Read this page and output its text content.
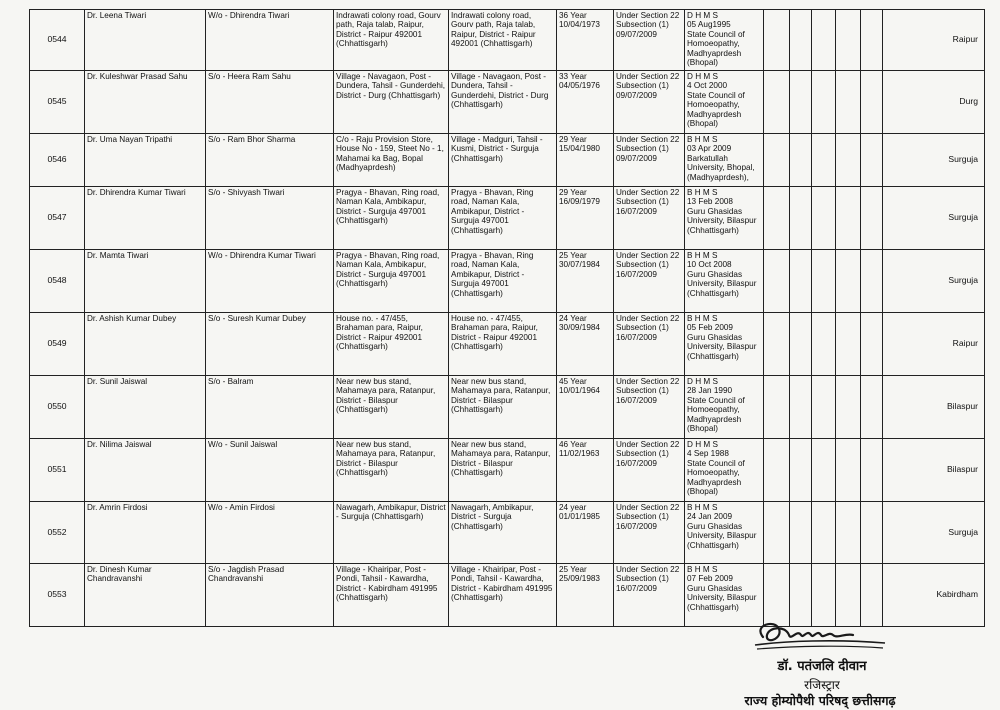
0544	Dr. Leena Tiwari	W/o - Dhirendra Tiwari	Indrawati colony road, Gourv path, Raja talab, Raipur, District - Raipur 492001 (Chhattisgarh)	Indrawati colony road, Gourv path, Raja talab, Raipur, District - Raipur 492001 (Chhattisgarh)	36 Year
10/04/1973	Under Section 22 Subsection (1) 09/07/2009	D H M S
05 Aug1995
State Council of Homoeopathy, Madhyaprdesh (Bhopal)						Raipur
0545	Dr. Kuleshwar Prasad Sahu	S/o - Heera Ram Sahu	Village - Navagaon, Post - Dundera, Tahsil - Gunderdehi, District - Durg (Chhattisgarh)	Village - Navagaon, Post - Dundera, Tahsil - Gunderdehi, District - Durg (Chhattisgarh)	33 Year
04/05/1976	Under Section 22 Subsection (1) 09/07/2009	D H M S
4 Oct 2000
State Council of Homoeopathy, Madhyaprdesh (Bhopal)						Durg
0546	Dr. Uma Nayan Tripathi	S/o - Ram Bhor Sharma	C/o - Raju Provision Store, House No - 159, Steet No - 1, Mahamai ka Bag, Bopal (Madhyaprdesh)	Village - Madguri, Tahsil - Kusmi, District - Surguja (Chhattisgarh)	29 Year
15/04/1980	Under Section 22 Subsection (1) 09/07/2009	B H M S
03 Apr 2009
Barkatullah University, Bhopal, (Madhyaprdesh),						Surguja
0547	Dr. Dhirendra Kumar Tiwari	S/o - Shivyash Tiwari	Pragya - Bhavan, Ring road, Naman Kala, Ambikapur, District - Surguja 497001 (Chhattisgarh)	Pragya - Bhavan, Ring road, Naman Kala, Ambikapur, District - Surguja 497001 (Chhattisgarh)	29 Year
16/09/1979	Under Section 22 Subsection (1) 16/07/2009	B H M S
13 Feb 2008
Guru Ghasidas University, Bilaspur (Chhattisgarh)						Surguja
0548	Dr. Mamta Tiwari	W/o - Dhirendra Kumar Tiwari	Pragya - Bhavan, Ring road, Naman Kala, Ambikapur, District - Surguja 497001 (Chhattisgarh)	Pragya - Bhavan, Ring road, Naman Kala, Ambikapur, District - Surguja 497001 (Chhattisgarh)	25 Year
30/07/1984	Under Section 22 Subsection (1) 16/07/2009	B H M S
10 Oct 2008
Guru Ghasidas University, Bilaspur (Chhattisgarh)						Surguja
0549	Dr. Ashish Kumar Dubey	S/o - Suresh Kumar Dubey	House no. - 47/455, Brahaman para, Raipur, District - Raipur 492001 (Chhattisgarh)	House no. - 47/455, Brahaman para, Raipur, District - Raipur 492001 (Chhattisgarh)	24 Year
30/09/1984	Under Section 22 Subsection (1) 16/07/2009	B H M S
05 Feb 2009
Guru Ghasidas University, Bilaspur (Chhattisgarh)						Raipur
0550	Dr. Sunil Jaiswal	S/o - Balram	Near new bus stand, Mahamaya para, Ratanpur, District - Bilaspur (Chhattisgarh)	Near new bus stand, Mahamaya para, Ratanpur, District - Bilaspur (Chhattisgarh)	45 Year
10/01/1964	Under Section 22 Subsection (1) 16/07/2009	D H M S
28 Jan 1990
State Council of Homoeopathy, Madhyaprdesh (Bhopal)						Bilaspur
0551	Dr. Nilima Jaiswal	W/o - Sunil Jaiswal	Near new bus stand, Mahamaya para, Ratanpur, District - Bilaspur (Chhattisgarh)	Near new bus stand, Mahamaya para, Ratanpur, District - Bilaspur (Chhattisgarh)	46 Year
11/02/1963	Under Section 22 Subsection (1) 16/07/2009	D H M S
4 Sep 1988
State Council of Homoeopathy, Madhyaprdesh (Bhopal)						Bilaspur
0552	Dr. Amrin Firdosi	W/o - Amin Firdosi	Nawagarh, Ambikapur, District - Surguja (Chhattisgarh)	Nawagarh, Ambikapur, District - Surguja (Chhattisgarh)	24 year
01/01/1985	Under Section 22 Subsection (1) 16/07/2009	B H M S
24 Jan 2009
Guru Ghasidas University, Bilaspur (Chhattisgarh)						Surguja
0553	Dr. Dinesh Kumar Chandravanshi	S/o - Jagdish Prasad Chandravanshi	Village - Khairipar, Post - Pondi, Tahsil - Kawardha, District - Kabirdham 491995 (Chhattisgarh)	Village - Khairipar, Post - Pondi, Tahsil - Kawardha, District - Kabirdham 491995 (Chhattisgarh)	25 Year
25/09/1983	Under Section 22 Subsection (1) 16/07/2009	B H M S
07 Feb 2009
Guru Ghasidas University, Bilaspur (Chhattisgarh)						Kabirdham
डॉ. पतंजलि दीवान
रजिस्ट्रार
राज्य होम्योपैथी परिषद् छत्तीसगढ़
